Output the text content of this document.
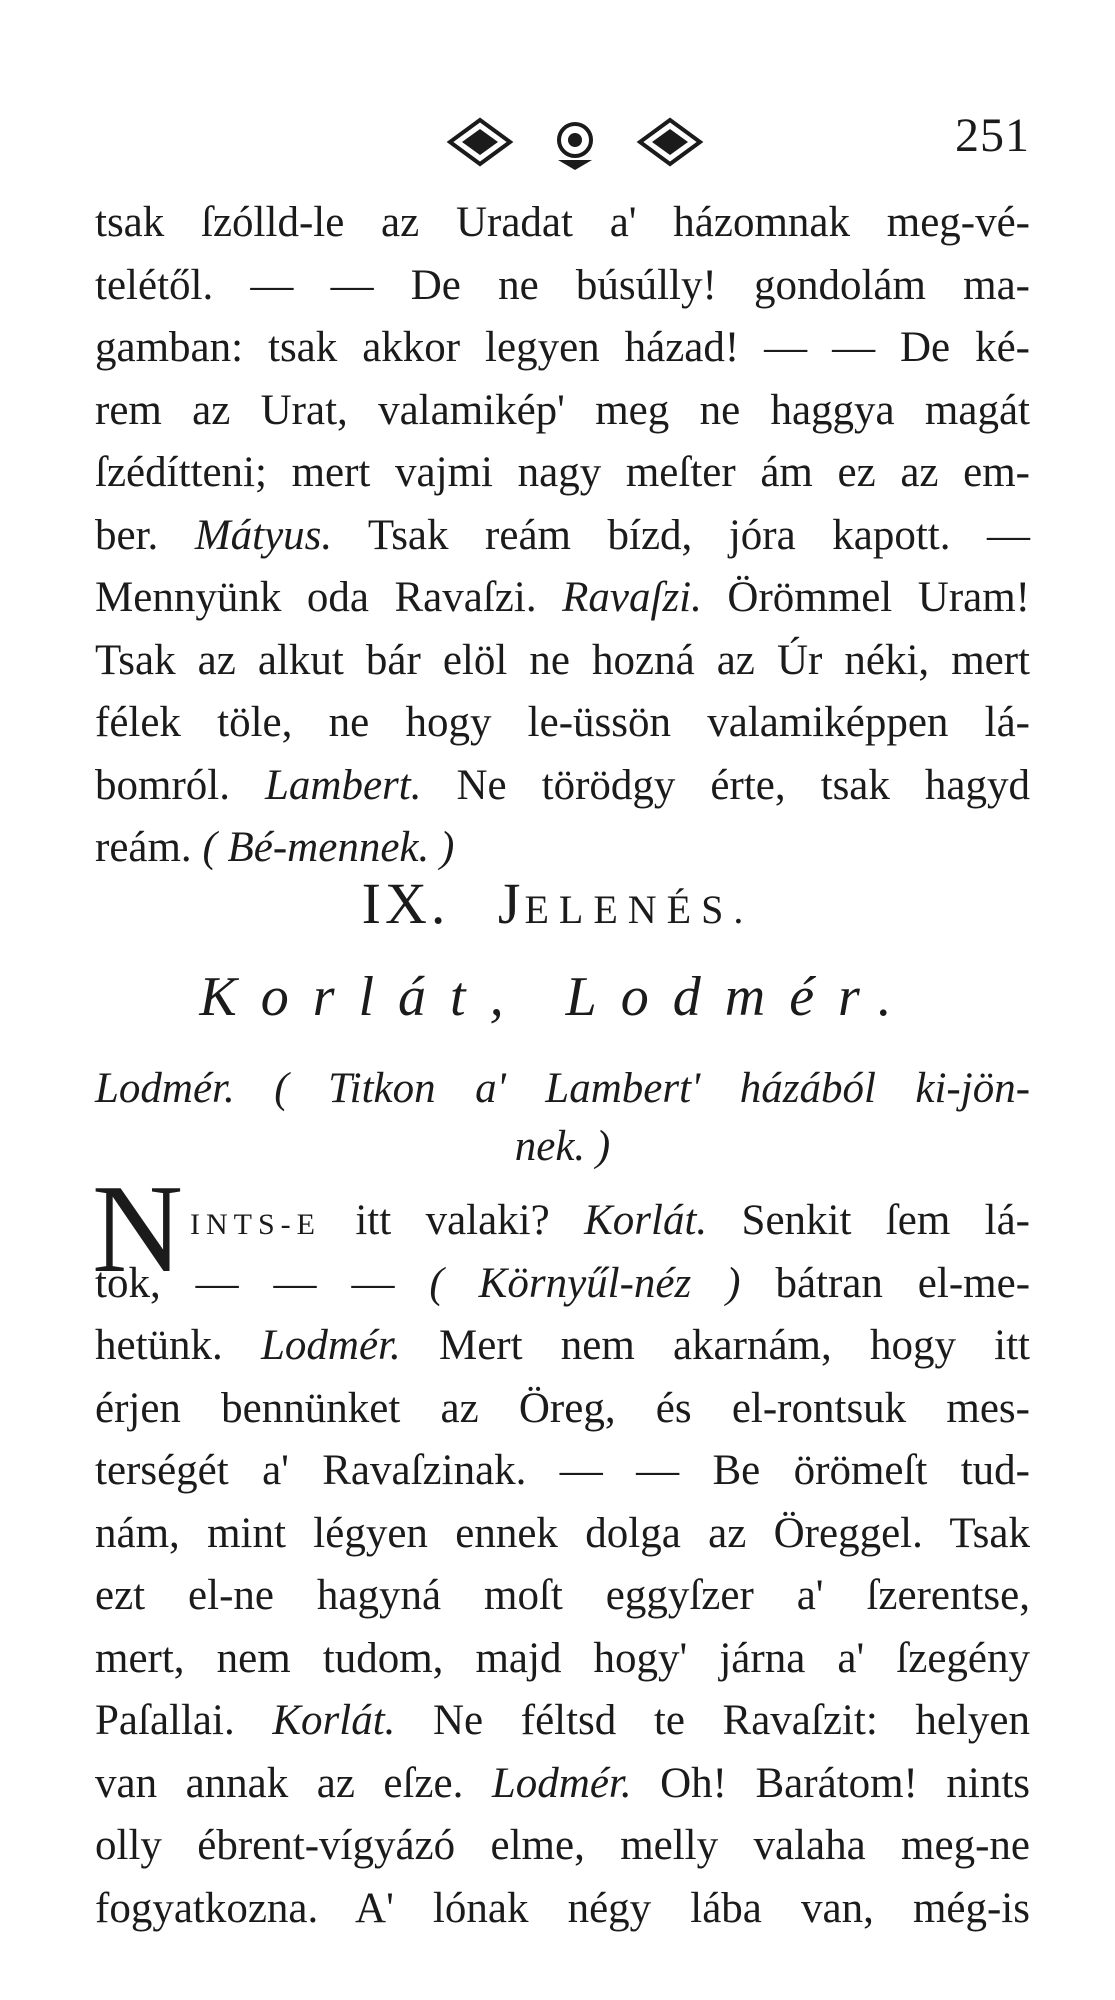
251
tsak ſzólld-le az Uradat a' házomnak meg-vé-
telétől. — — De ne búsúlly! gondolám ma-
gamban: tsak akkor legyen házad! — — De ké-
rem az Urat, valamikép' meg ne haggya magát
ſzédítteni; mert vajmi nagy meſter ám ez az em-
ber. Mátyus. Tsak reám bízd, jóra kapott. —
Mennyünk oda Ravaſzi. Ravaſzi. Örömmel Uram!
Tsak az alkut bár elöl ne hozná az Úr néki, mert
félek töle, ne hogy le-üssön valamiképpen lá-
bomról. Lambert. Ne törödgy érte, tsak hagyd
reám. ( Bé-mennek. )
IX. JELENÉS.
Korlát, Lodmér.
Lodmér. ( Titkon a' Lambert' házából ki-jön-
nek. )
N INTS-E itt valaki? Korlát. Senkit ſem lá-
tok, — — — ( Környűl-néz ) bátran el-me-
hetünk. Lodmér. Mert nem akarnám, hogy itt
érjen bennünket az Öreg, és el-rontsuk mes-
terségét a' Ravaſzinak. — — Be örömeſt tud-
nám, mint légyen ennek dolga az Öreggel. Tsak
ezt el-ne hagyná moſt eggyſzer a' ſzerentse,
mert, nem tudom, majd hogy' járna a' ſzegény
Paſallai. Korlát. Ne féltsd te Ravaſzit: helyen
van annak az eſze. Lodmér. Oh! Barátom! nints
olly ébrent-vígyázó elme, melly valaha meg-ne
fogyatkozna. A' lónak négy lába van, még-is
